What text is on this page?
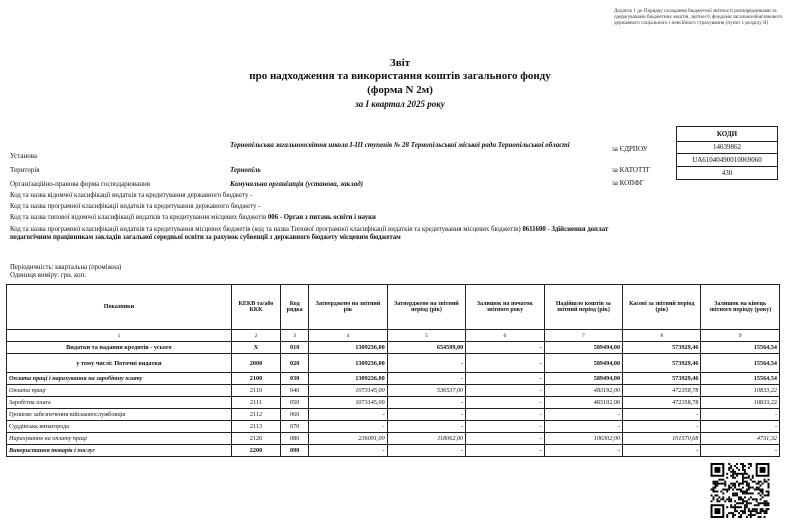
Додаток 1 до Порядку складання бюджетної звітності розпорядниками та одержувачами бюджетних коштів, звітності фондами загальнообов'язкового державного соціального і пенсійного страхування (пункт 1 розділу II)
Звіт
про надходження та використання коштів загального фонду
(форма N 2м)
за I квартал 2025 року
КОДИ
14039862
UA61040490010069060
430
за ЄДРПОУ
за КАТОТТГ
за КОПФГ
Установа
Тернопільська загальноосвітня школа I-III ступенів № 28 Тернопільської міської ради Тернопільської області
Територія	Тернопіль
Організаційно-правова форма господарювання	Комунальна організація (установа, заклад)
Код та назва відомчої класифікації видатків та кредитування державного бюджету -
Код та назва програмної класифікації видатків та кредитування державного бюджету -
Код та назва типової відомчої класифікації видатків та кредитування місцевих бюджетів 006 - Орган з питань освіти і науки
Код та назва програмної класифікації видатків та кредитування місцевих бюджетів (код та назва Типової програмної класифікації видатків та кредитування місцевих бюджетів) 0611600 - Здійснення доплат педагогічним працівникам закладів загальної середньої освіти за рахунок субвенції з державного бюджету місцевим бюджетам
Періодичність: квартальна (проміжна)
Одиниця виміру: грн. коп.
Показники	КЕКВ та/або ККК	Код рядка	Затверджено на звітний рік	Затверджено на звітний період (рік)	Залишок на початок звітного року	Надійшло коштів за звітний період (рік)	Касові за звітний період (рік)	Залишок на кінець звітного періоду (року)
1	2	3	4	5	6	7	8	9
Видатки та надання кредитів - усього	X	010	1309236,00	654599,00	-	589494,00	573929,46	15564,54
у тому числі: Поточні видатки	2000	020	1309236,00	-	-	589494,00	573929,46	15564,54
Оплата праці і нарахування на заробітну плату	2100	030	1309236,00	-	-	589494,00	573929,46	15564,54
Оплата праці	2110	040	1073145,00	536537,00	-	483192,00	472358,78	10833,22
Заробітна плата	2111	050	1073145,00	-	-	483192,00	472358,78	10833,22
Грошове забезпечення військовослужбовців	2112	060	-	-	-	-	-	-
Суддівська винагорода	2113	070	-	-	-	-	-	-
Нарахування на оплату праці	2120	080	236091,00	118062,00	-	106302,00	101570,68	4731,32
Використання товарів і послуг	2200	090	-	-	-	-	-	-
